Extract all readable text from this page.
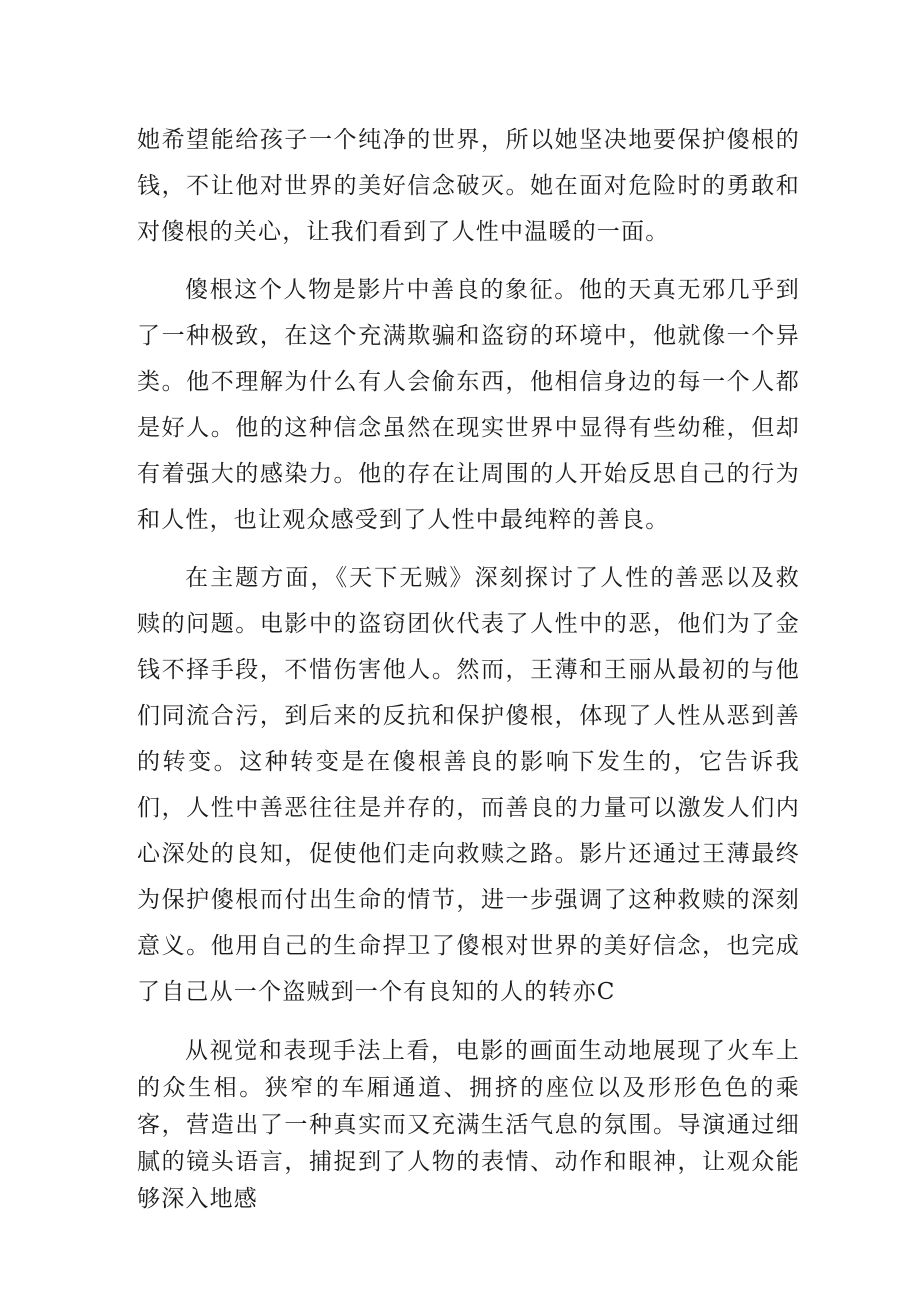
她希望能给孩子一个纯净的世界，所以她坚决地要保护傻根的钱，不让他对世界的美好信念破灭。她在面对危险时的勇敢和对傻根的关心，让我们看到了人性中温暖的一面。

傻根这个人物是影片中善良的象征。他的天真无邪几乎到了一种极致，在这个充满欺骗和盗窃的环境中，他就像一个异类。他不理解为什么有人会偷东西，他相信身边的每一个人都是好人。他的这种信念虽然在现实世界中显得有些幼稚，但却有着强大的感染力。他的存在让周围的人开始反思自己的行为和人性，也让观众感受到了人性中最纯粹的善良。

在主题方面，《天下无贼》深刻探讨了人性的善恶以及救赎的问题。电影中的盗窃团伙代表了人性中的恶，他们为了金钱不择手段，不惜伤害他人。然而，王薄和王丽从最初的与他们同流合污，到后来的反抗和保护傻根，体现了人性从恶到善的转变。这种转变是在傻根善良的影响下发生的，它告诉我们，人性中善恶往往是并存的，而善良的力量可以激发人们内心深处的良知，促使他们走向救赎之路。影片还通过王薄最终为保护傻根而付出生命的情节，进一步强调了这种救赎的深刻意义。他用自己的生命捍卫了傻根对世界的美好信念，也完成了自己从一个盗贼到一个有良知的人的转亦C

从视觉和表现手法上看，电影的画面生动地展现了火车上的众生相。狭窄的车厢通道、拥挤的座位以及形形色色的乘客，营造出了一种真实而又充满生活气息的氛围。导演通过细腻的镜头语言，捕捉到了人物的表情、动作和眼神，让观众能够深入地感
